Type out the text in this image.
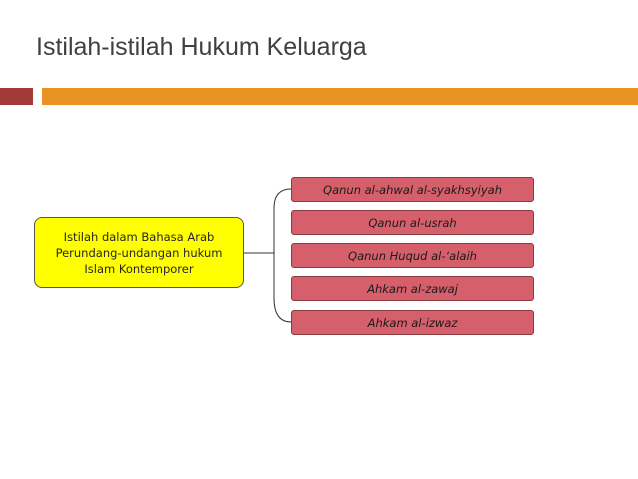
Istilah-istilah Hukum Keluarga
Istilah dalam Bahasa Arab
Perundang-undangan hukum
Islam Kontemporer
Qanun al-ahwal al-syakhsyiyah
Qanun al-usrah
Qanun Huqud al-‘alaih
Ahkam al-zawaj
Ahkam al-izwaz
